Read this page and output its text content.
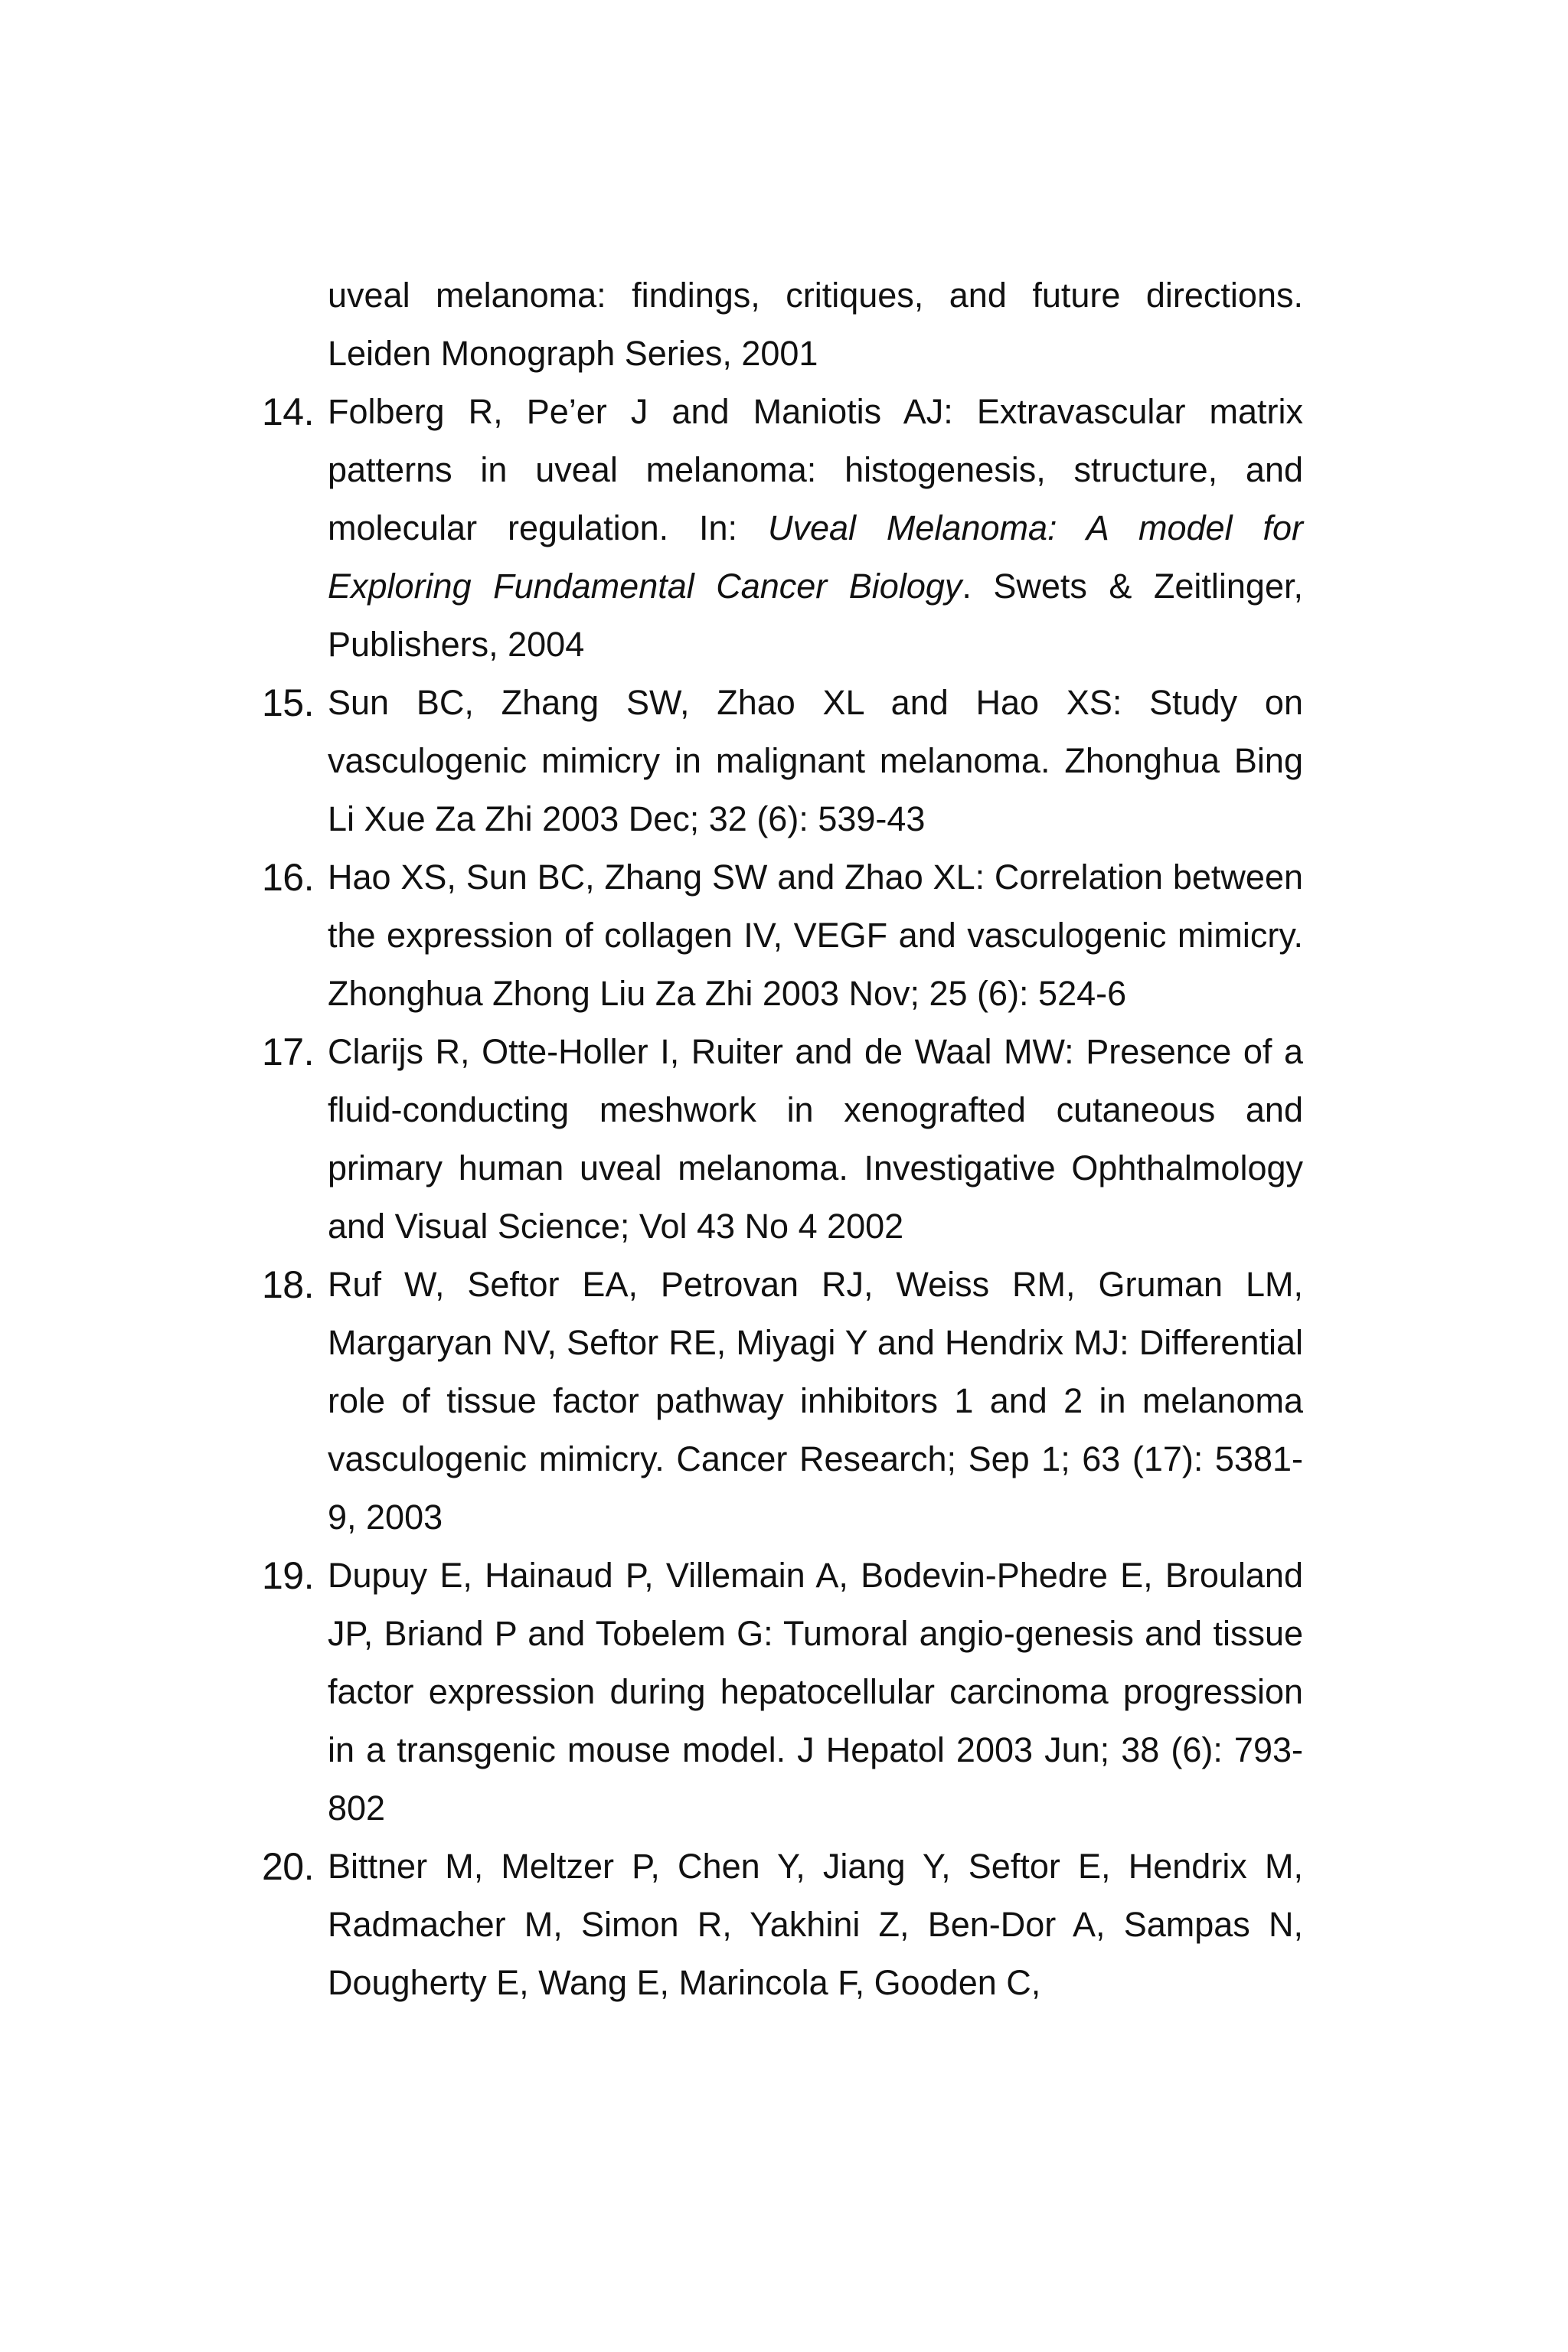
uveal melanoma: findings, critiques, and future directions. Leiden Monograph Series, 2001
14. Folberg R, Pe’er J and Maniotis AJ: Extravascular matrix patterns in uveal melanoma: histogenesis, structure, and molecular regulation. In: Uveal Melanoma: A model for Exploring Fundamental Cancer Biology. Swets & Zeitlinger, Publishers, 2004
15. Sun BC, Zhang SW, Zhao XL and Hao XS: Study on vasculogenic mimicry in malignant melanoma. Zhonghua Bing Li Xue Za Zhi 2003 Dec; 32 (6): 539-43
16. Hao XS, Sun BC, Zhang SW and Zhao XL: Correlation between the expression of collagen IV, VEGF and vasculogenic mimicry. Zhonghua Zhong Liu Za Zhi 2003 Nov; 25 (6): 524-6
17. Clarijs R, Otte-Holler I, Ruiter and de Waal MW: Presence of a fluid-conducting meshwork in xenografted cutaneous and primary human uveal melanoma. Investigative Ophthalmology and Visual Science; Vol 43 No 4 2002
18. Ruf W, Seftor EA, Petrovan RJ, Weiss RM, Gruman LM, Margaryan NV, Seftor RE, Miyagi Y and Hendrix MJ: Differential role of tissue factor pathway inhibitors 1 and 2 in melanoma vasculogenic mimicry. Cancer Research; Sep 1; 63 (17): 5381-9, 2003
19. Dupuy E, Hainaud P, Villemain A, Bodevin-Phedre E, Brouland JP, Briand P and Tobelem G: Tumoral angio-genesis and tissue factor expression during hepatocellular carcinoma progression in a transgenic mouse model. J Hepatol 2003 Jun; 38 (6): 793-802
20. Bittner M, Meltzer P, Chen Y, Jiang Y, Seftor E, Hendrix M, Radmacher M, Simon R, Yakhini Z, Ben-Dor A, Sampas N, Dougherty E, Wang E, Marincola F, Gooden C,
